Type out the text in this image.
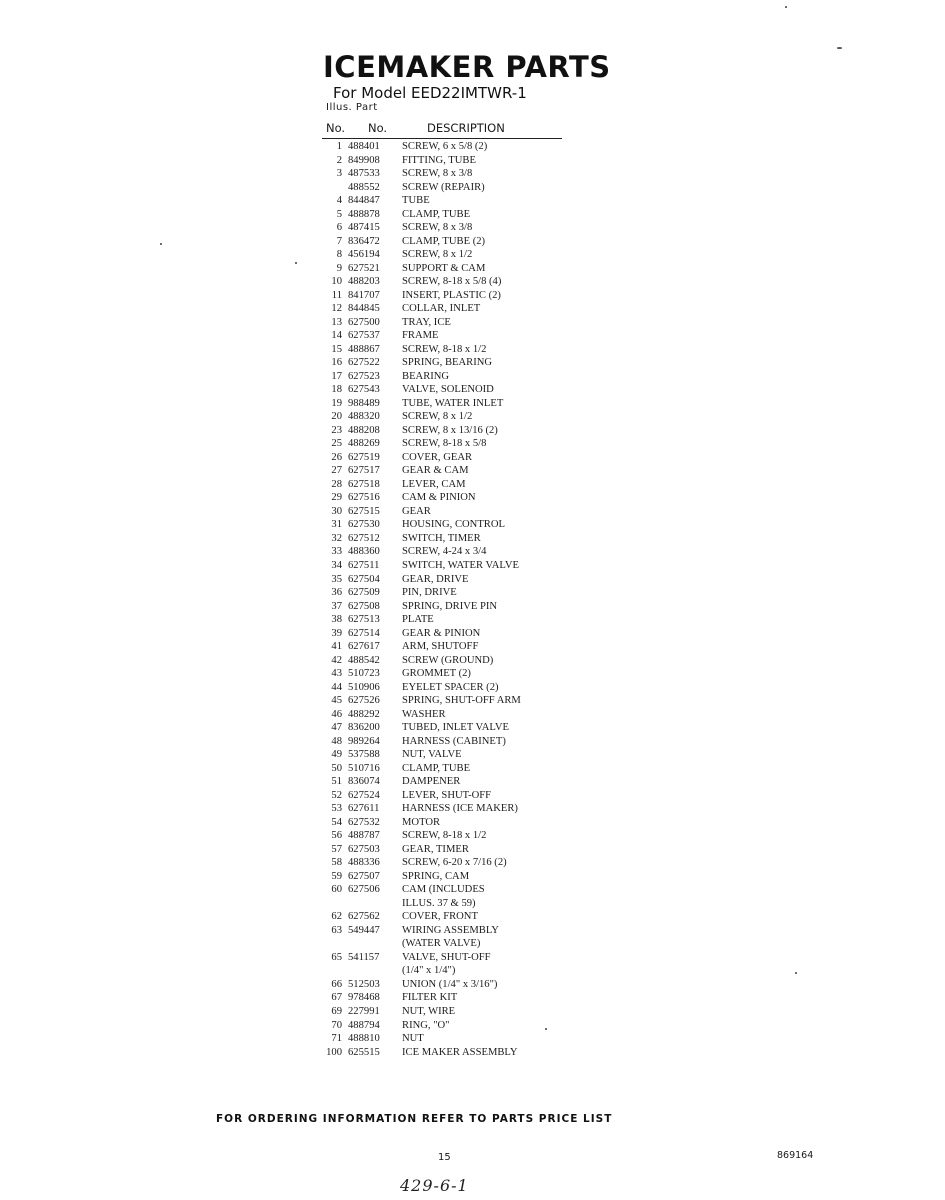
ICEMAKER PARTS
For Model EED22IMTWR-1
Illus. Part
No. No.	DESCRIPTION
1 488401 SCREW, 6 x 5/8 (2)
2 849908 FITTING, TUBE
3 487533 SCREW, 8 x 3/8
488552 SCREW (REPAIR)
4 844847 TUBE
5 488878 CLAMP, TUBE
6 487415 SCREW, 8 x 3/8
7 836472 CLAMP, TUBE (2)
8 456194 SCREW, 8 x 1/2
9 627521 SUPPORT & CAM
10 488203 SCREW, 8-18 x 5/8 (4)
11 841707 INSERT, PLASTIC (2)
12 844845 COLLAR, INLET
13 627500 TRAY, ICE
14 627537 FRAME
15 488867 SCREW, 8-18 x 1/2
16 627522 SPRING, BEARING
17 627523 BEARING
18 627543 VALVE, SOLENOID
19 988489 TUBE, WATER INLET
20 488320 SCREW, 8 x 1/2
23 488208 SCREW, 8 x 13/16 (2)
25 488269 SCREW, 8-18 x 5/8
26 627519 COVER, GEAR
27 627517 GEAR & CAM
28 627518 LEVER, CAM
29 627516 CAM & PINION
30 627515 GEAR
31 627530 HOUSING, CONTROL
32 627512 SWITCH, TIMER
33 488360 SCREW, 4-24 x 3/4
34 627511 SWITCH, WATER VALVE
35 627504 GEAR, DRIVE
36 627509 PIN, DRIVE
37 627508 SPRING, DRIVE PIN
38 627513 PLATE
39 627514 GEAR & PINION
41 627617 ARM, SHUTOFF
42 488542 SCREW (GROUND)
43 510723 GROMMET (2)
44 510906 EYELET SPACER (2)
45 627526 SPRING, SHUT-OFF ARM
46 488292 WASHER
47 836200 TUBED, INLET VALVE
48 989264 HARNESS (CABINET)
49 537588 NUT, VALVE
50 510716 CLAMP, TUBE
51 836074 DAMPENER
52 627524 LEVER, SHUT-OFF
53 627611 HARNESS (ICE MAKER)
54 627532 MOTOR
56 488787 SCREW, 8-18 x 1/2
57 627503 GEAR, TIMER
58 488336 SCREW, 6-20 x 7/16 (2)
59 627507 SPRING, CAM
60 627506 CAM (INCLUDES
ILLUS. 37 & 59)
62 627562 COVER, FRONT
63 549447 WIRING ASSEMBLY
(WATER VALVE)
65 541157 VALVE, SHUT-OFF
(1/4" x 1/4")
66 512503 UNION (1/4" x 3/16")
67 978468 FILTER KIT
69 227991 NUT, WIRE
70 488794 RING, "O"
71 488810 NUT
100 625515 ICE MAKER ASSEMBLY
FOR ORDERING INFORMATION REFER TO PARTS PRICE LIST
15	869164
429-6-1
